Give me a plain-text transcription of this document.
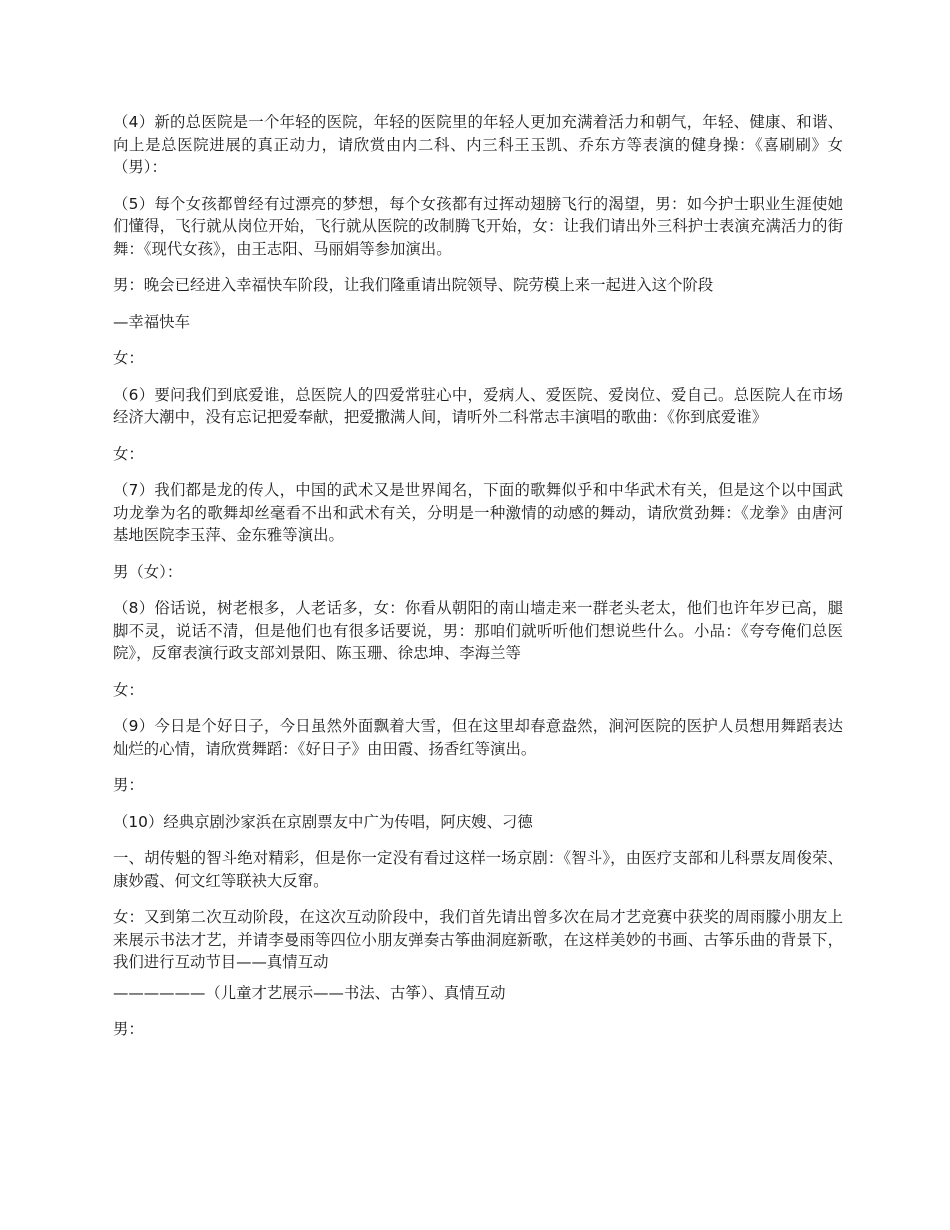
（4）新的总医院是一个年轻的医院，年轻的医院里的年轻人更加充满着活力和朝气，年轻、健康、和谐、向上是总医院进展的真正动力，请欣赏由内二科、内三科王玉凯、乔东方等表演的健身操：《喜刷刷》女（男）：

（5）每个女孩都曾经有过漂亮的梦想，每个女孩都有过挥动翅膀飞行的渴望，男：如今护士职业生涯使她们懂得，飞行就从岗位开始，飞行就从医院的改制腾飞开始，女：让我们请出外三科护士表演充满活力的街舞：《现代女孩》，由王志阳、马丽娟等参加演出。

男：晚会已经进入幸福快车阶段，让我们隆重请出院领导、院劳模上来一起进入这个阶段

—幸福快车

女：

（6）要问我们到底爱谁，总医院人的四爱常驻心中，爱病人、爱医院、爱岗位、爱自己。总医院人在市场经济大潮中，没有忘记把爱奉献，把爱撒满人间，请听外二科常志丰演唱的歌曲：《你到底爱谁》

女：

（7）我们都是龙的传人，中国的武术又是世界闻名，下面的歌舞似乎和中华武术有关，但是这个以中国武功龙拳为名的歌舞却丝毫看不出和武术有关，分明是一种激情的动感的舞动，请欣赏劲舞：《龙拳》由唐河基地医院李玉萍、金东雅等演出。

男（女）：

（8）俗话说，树老根多，人老话多，女：你看从朝阳的南山墙走来一群老头老太，他们也许年岁已高，腿脚不灵，说话不清，但是他们也有很多话要说，男：那咱们就听听他们想说些什么。小品：《夸夸俺们总医院》，反窜表演行政支部刘景阳、陈玉珊、徐忠坤、李海兰等

女：

（9）今日是个好日子，今日虽然外面飘着大雪，但在这里却春意盎然，涧河医院的医护人员想用舞蹈表达灿烂的心情，请欣赏舞蹈：《好日子》由田霞、扬香红等演出。

男：

（10）经典京剧沙家浜在京剧票友中广为传唱，阿庆嫂、刁德

一、胡传魁的智斗绝对精彩，但是你一定没有看过这样一场京剧：《智斗》，由医疗支部和儿科票友周俊荣、康妙霞、何文红等联袂大反窜。

女：又到第二次互动阶段，在这次互动阶段中，我们首先请出曾多次在局才艺竞赛中获奖的周雨朦小朋友上来展示书法才艺，并请李曼雨等四位小朋友弹奏古筝曲洞庭新歌，在这样美妙的书画、古筝乐曲的背景下，我们进行互动节目——真情互动

——————（儿童才艺展示——书法、古筝）、真情互动

男：
